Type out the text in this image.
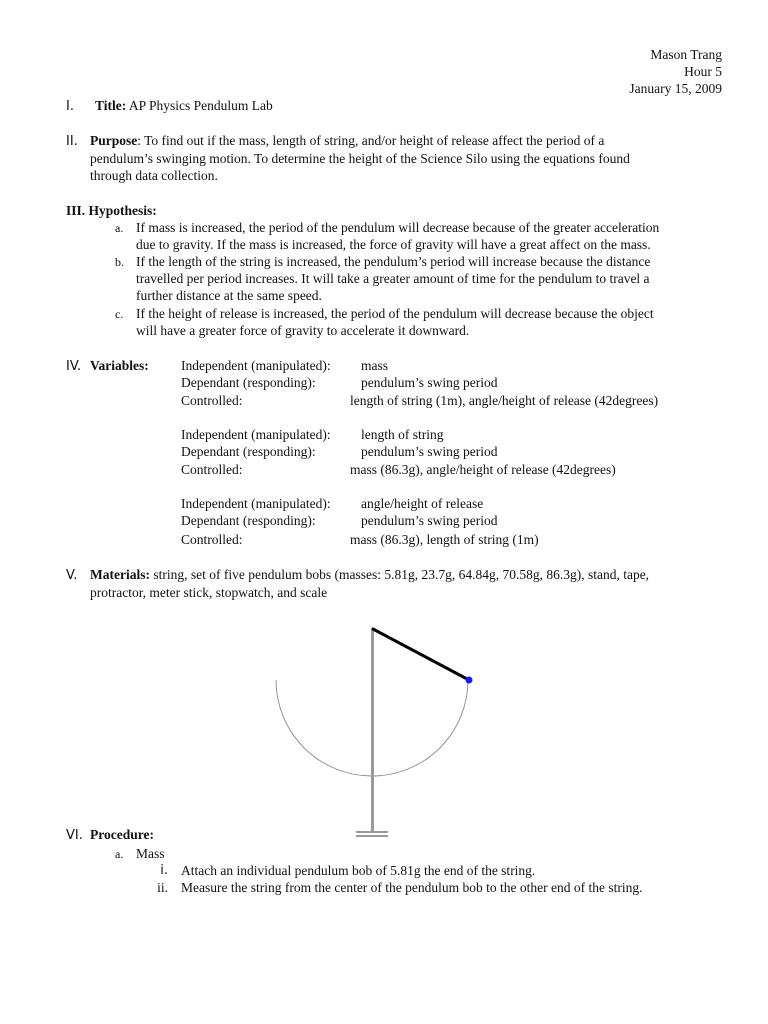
Mason Trang
Hour 5
January 15, 2009
I. Title: AP Physics Pendulum Lab
II. Purpose: To find out if the mass, length of string, and/or height of release affect the period of a
pendulum’s swinging motion. To determine the height of the Science Silo using the equations found
through data collection.
III. Hypothesis:
a. If mass is increased, the period of the pendulum will decrease because of the greater acceleration
due to gravity. If the mass is increased, the force of gravity will have a great affect on the mass.
b. If the length of the string is increased, the pendulum’s period will increase because the distance
travelled per period increases. It will take a greater amount of time for the pendulum to travel a
further distance at the same speed.
c. If the height of release is increased, the period of the pendulum will decrease because the object
will have a greater force of gravity to accelerate it downward.
IV. Variables: Independent (manipulated): mass
Dependant (responding):	pendulum’s swing period
Controlled:	length of string (1m), angle/height of release (42degrees)
Independent (manipulated): length of string
Dependant (responding):	pendulum’s swing period
Controlled:	mass (86.3g), angle/height of release (42degrees)
Independent (manipulated): angle/height of release
Dependant (responding):	pendulum’s swing period
Controlled:	mass (86.3g), length of string (1m)
V. Materials: string, set of five pendulum bobs (masses: 5.81g, 23.7g, 64.84g, 70.58g, 86.3g), stand, tape,
protractor, meter stick, stopwatch, and scale
VI. Procedure:
a. Mass
i. Attach an individual pendulum bob of 5.81g the end of the string.
ii. Measure the string from the center of the pendulum bob to the other end of the string.
